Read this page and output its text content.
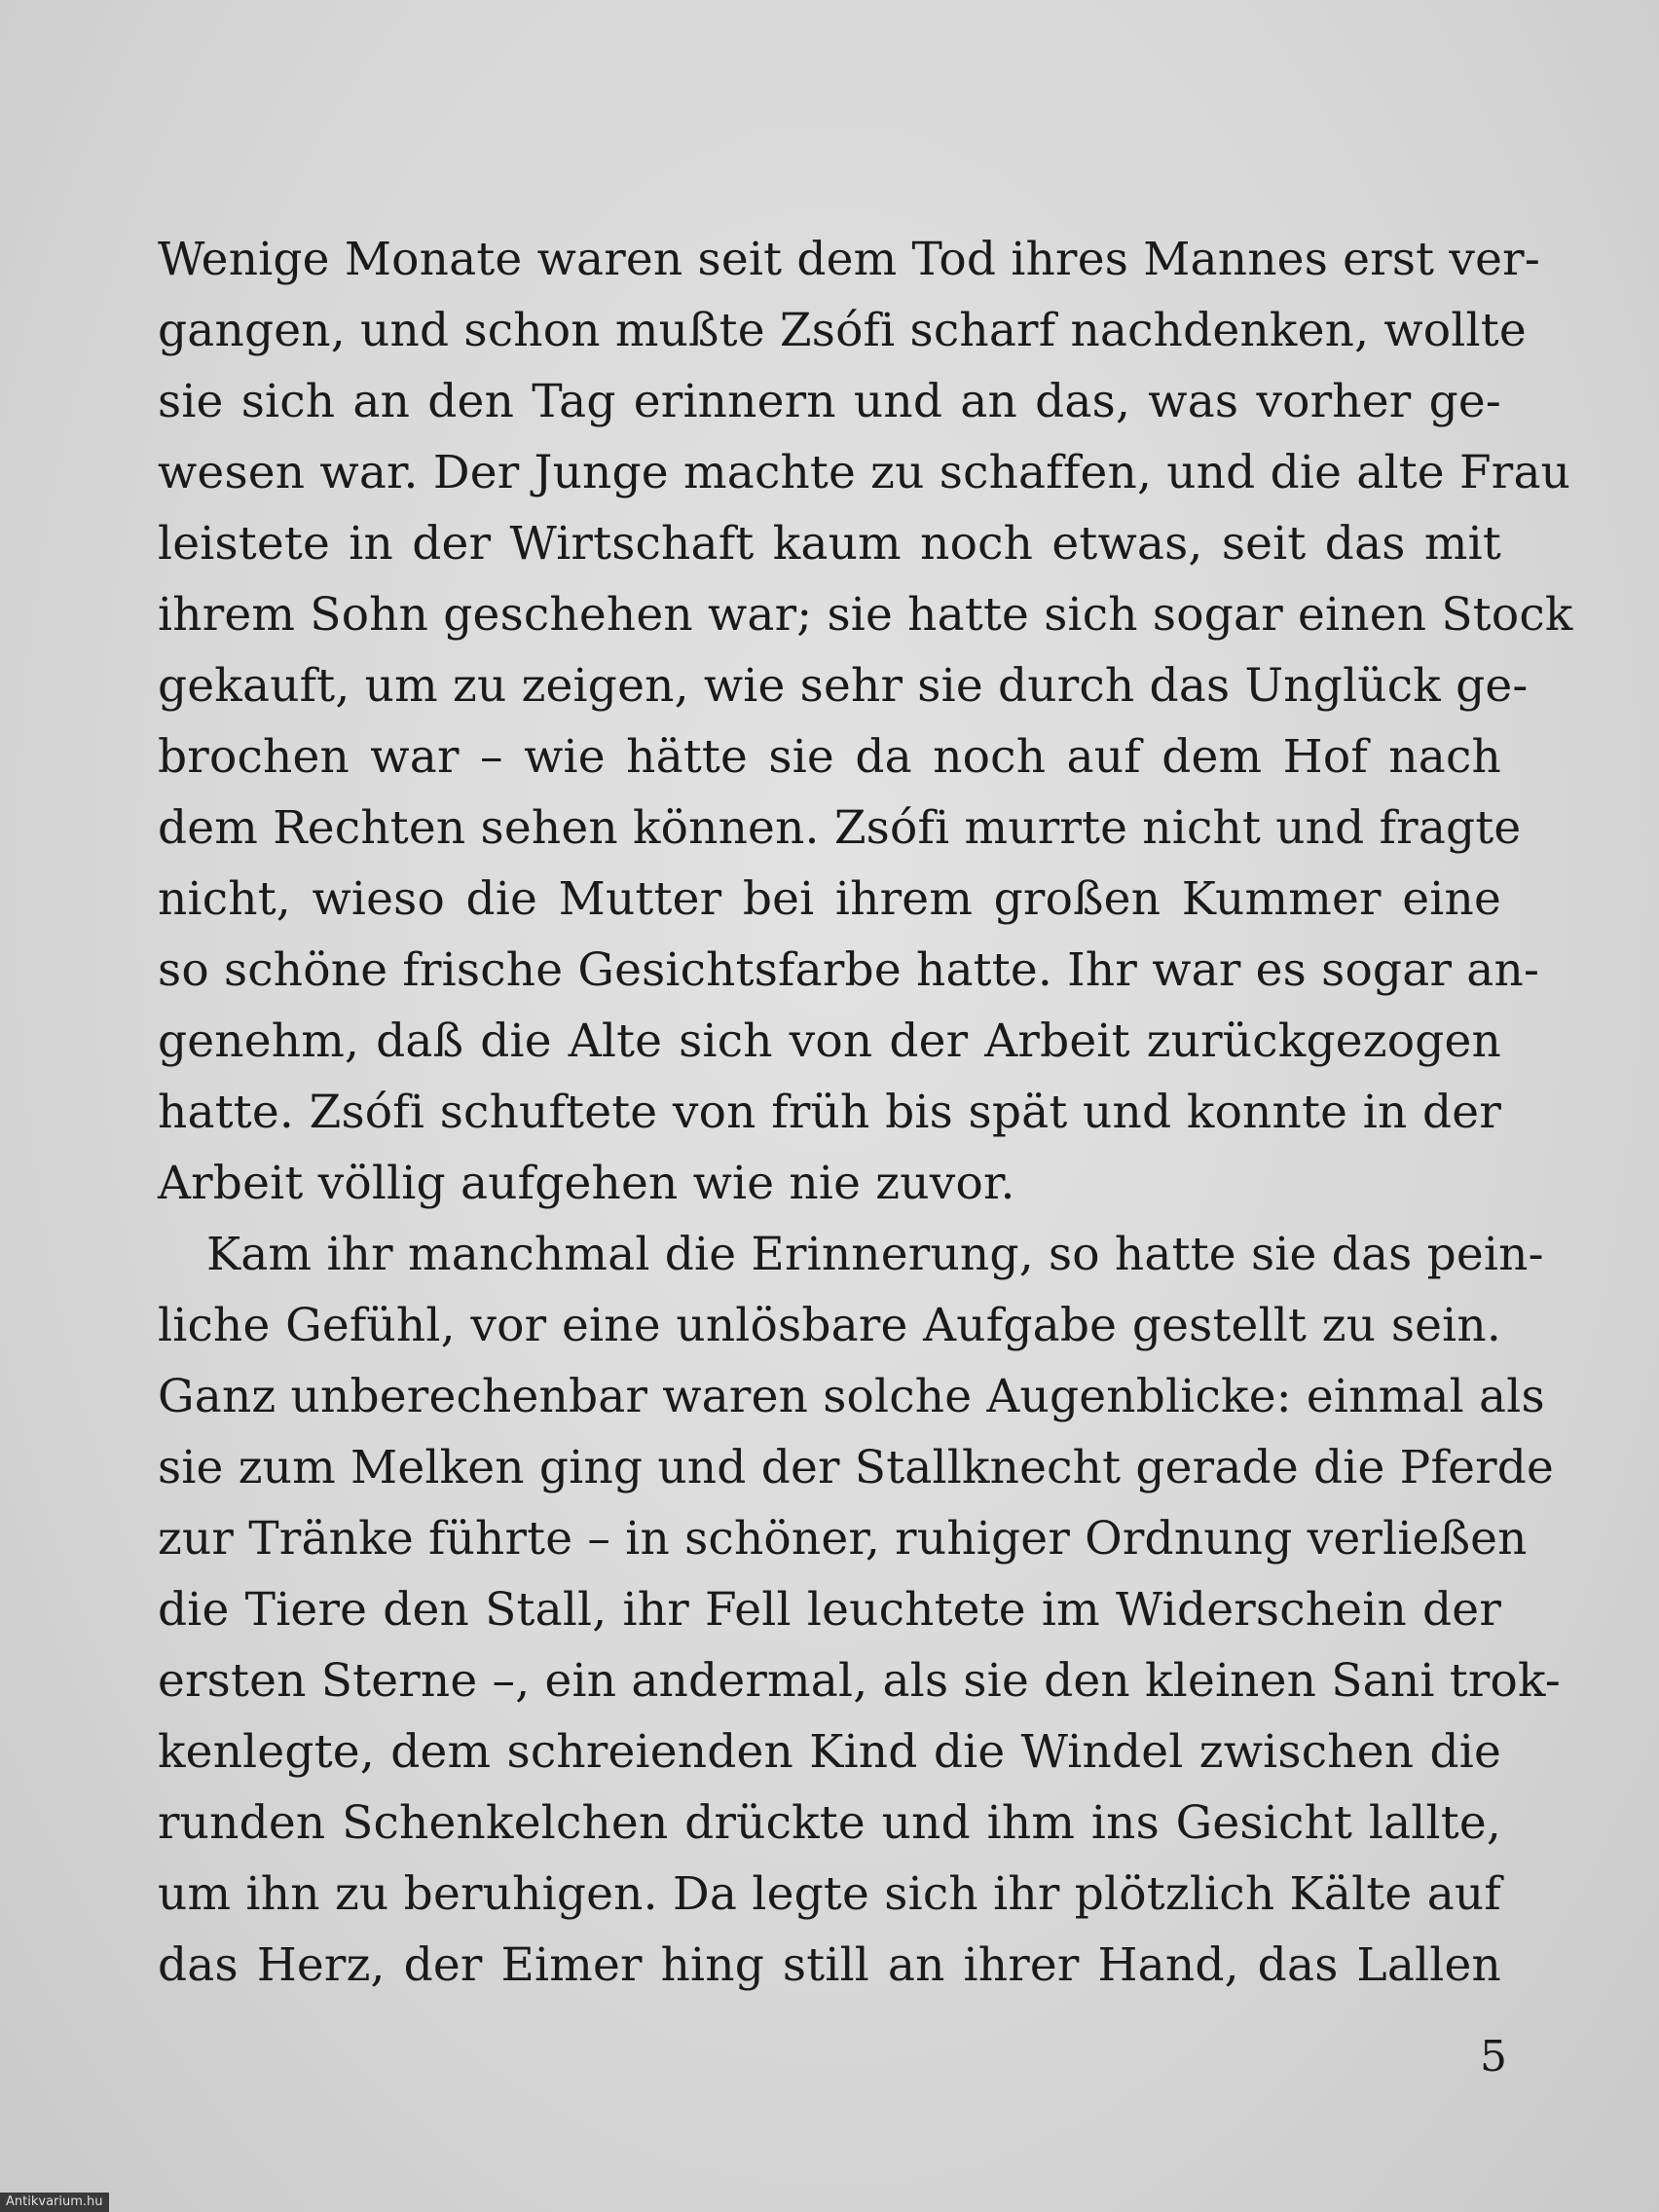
Wenige Monate waren seit dem Tod ihres Mannes erst ver-
gangen, und schon mußte Zsófi scharf nachdenken, wollte
sie sich an den Tag erinnern und an das, was vorher ge-
wesen war. Der Junge machte zu schaffen, und die alte Frau
leistete in der Wirtschaft kaum noch etwas, seit das mit
ihrem Sohn geschehen war; sie hatte sich sogar einen Stock
gekauft, um zu zeigen, wie sehr sie durch das Unglück ge-
brochen war – wie hätte sie da noch auf dem Hof nach
dem Rechten sehen können. Zsófi murrte nicht und fragte
nicht, wieso die Mutter bei ihrem großen Kummer eine
so schöne frische Gesichtsfarbe hatte. Ihr war es sogar an-
genehm, daß die Alte sich von der Arbeit zurückgezogen
hatte. Zsófi schuftete von früh bis spät und konnte in der
Arbeit völlig aufgehen wie nie zuvor.
Kam ihr manchmal die Erinnerung, so hatte sie das pein-
liche Gefühl, vor eine unlösbare Aufgabe gestellt zu sein.
Ganz unberechenbar waren solche Augenblicke: einmal als
sie zum Melken ging und der Stallknecht gerade die Pferde
zur Tränke führte – in schöner, ruhiger Ordnung verließen
die Tiere den Stall, ihr Fell leuchtete im Widerschein der
ersten Sterne –, ein andermal, als sie den kleinen Sani trok-
kenlegte, dem schreienden Kind die Windel zwischen die
runden Schenkelchen drückte und ihm ins Gesicht lallte,
um ihn zu beruhigen. Da legte sich ihr plötzlich Kälte auf
das Herz, der Eimer hing still an ihrer Hand, das Lallen
5
Antikvarium.hu
